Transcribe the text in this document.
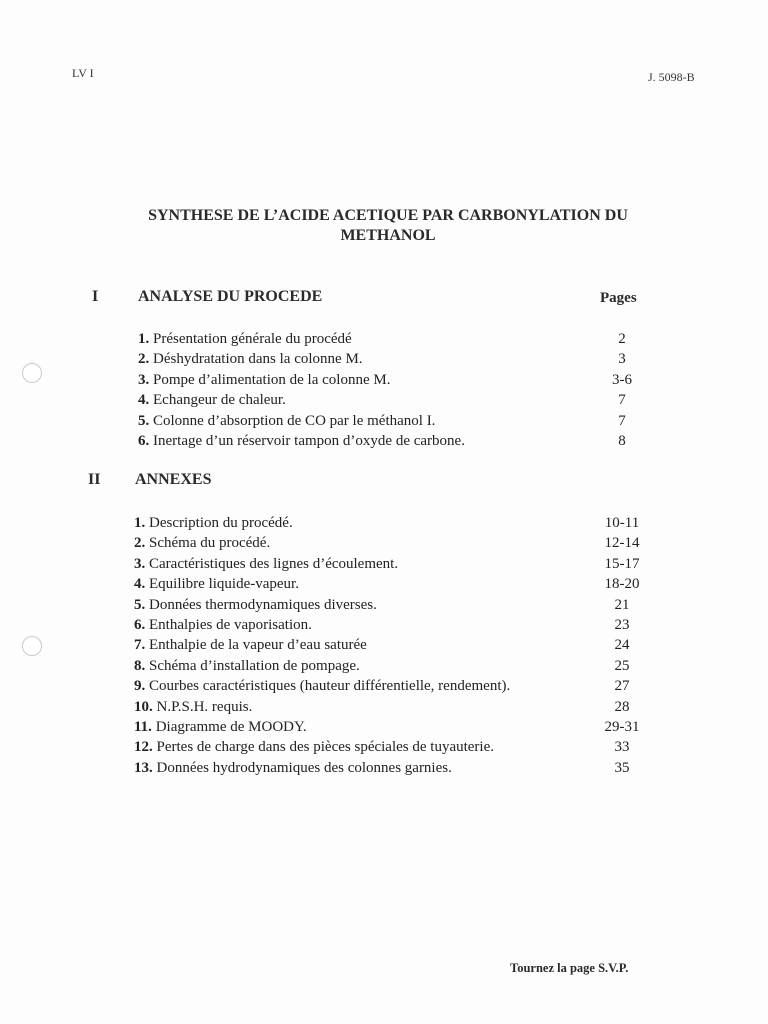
LV I	J. 5098-B
SYNTHESE DE L’ACIDE ACETIQUE PAR CARBONYLATION DU
METHANOL
I ANALYSE DU PROCEDE	Pages
1. Présentation générale du procédé	2
2. Déshydratation dans la colonne M.	3
3. Pompe d’alimentation de la colonne M.	3-6
4. Echangeur de chaleur.	7
5. Colonne d’absorption de CO par le méthanol I.	7
6. Inertage d’un réservoir tampon d’oxyde de carbone.	8
II ANNEXES
1. Description du procédé.	10-11
2. Schéma du procédé.	12-14
3. Caractéristiques des lignes d’écoulement.	15-17
4. Equilibre liquide-vapeur.	18-20
5. Données thermodynamiques diverses.	21
6. Enthalpies de vaporisation.	23
7. Enthalpie de la vapeur d’eau saturée	24
8. Schéma d’installation de pompage.	25
9. Courbes caractéristiques (hauteur différentielle, rendement).	27
10. N.P.S.H. requis.	28
11. Diagramme de MOODY.	29-31
12. Pertes de charge dans des pièces spéciales de tuyauterie.	33
13. Données hydrodynamiques des colonnes garnies.	35
Tournez la page S.V.P.
